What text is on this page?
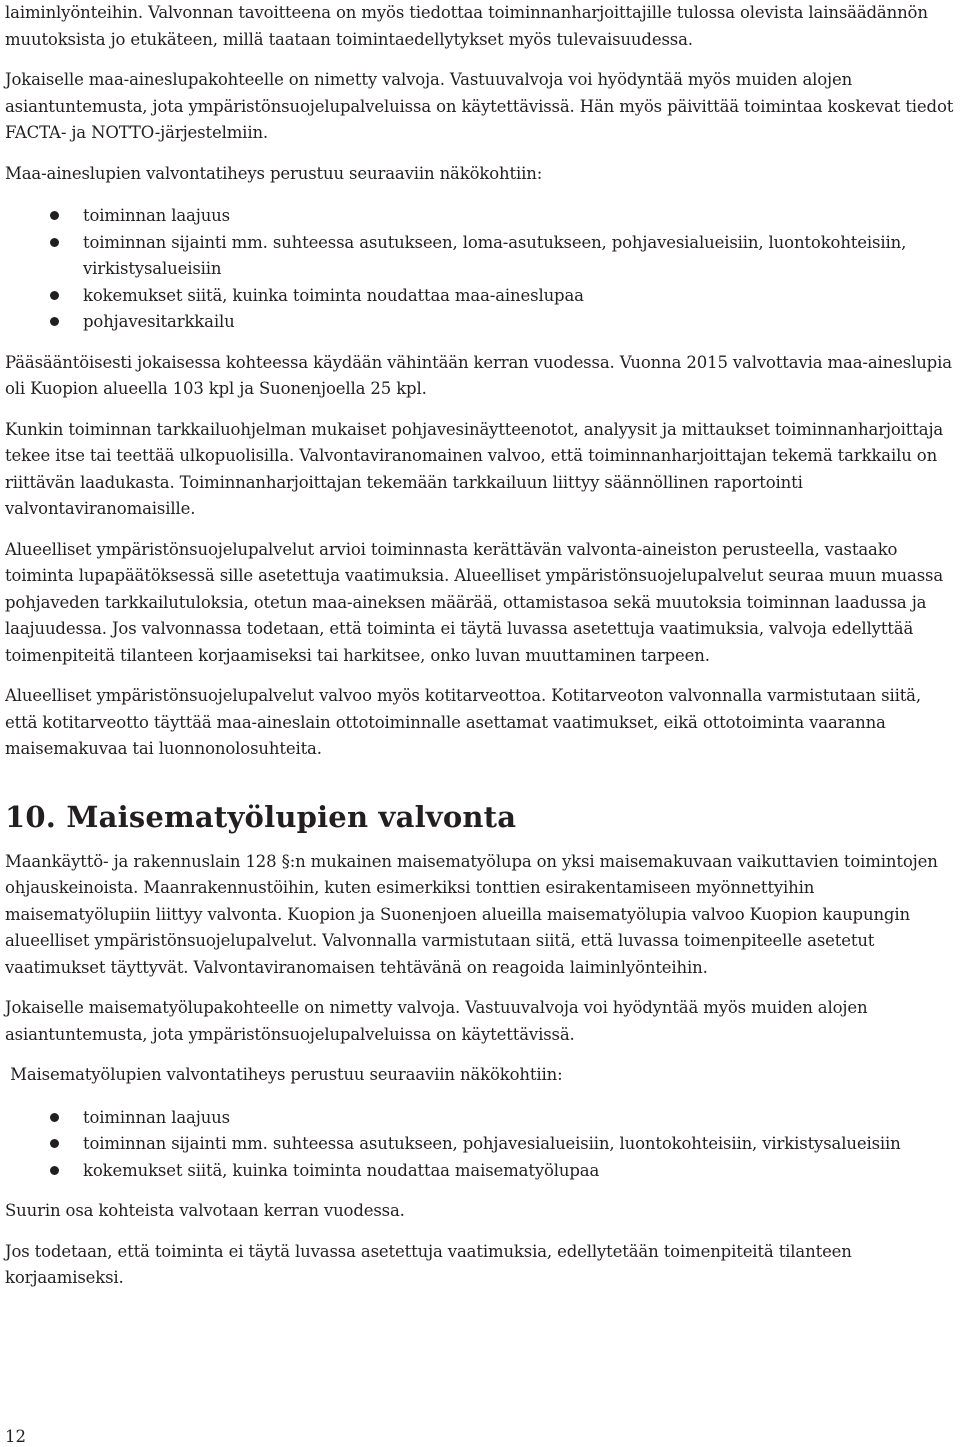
laiminlyönteihin. Valvonnan tavoitteena on myös tiedottaa toiminnanharjoittajille tulossa olevista lainsäädännön muutoksista jo etukäteen, millä taataan toimintaedellytykset myös tulevaisuudessa.

Jokaiselle maa-aineslupakohteelle on nimetty valvoja. Vastuuvalvoja voi hyödyntää myös muiden alojen asiantuntemusta, jota ympäristönsuojelupalveluissa on käytettävissä. Hän myös päivittää toimintaa koskevat tiedot FACTA- ja NOTTO-järjestelmiin.

Maa-aineslupien valvontatiheys perustuu seuraaviin näkökohtiin:

toiminnan laajuus
toiminnan sijainti mm. suhteessa asutukseen, loma-asutukseen, pohjavesialueisiin, luontokohteisiin, virkistysalueisiin
kokemukset siitä, kuinka toiminta noudattaa maa-aineslupaa
pohjavesitarkkailu

Pääsääntöisesti jokaisessa kohteessa käydään vähintään kerran vuodessa. Vuonna 2015 valvottavia maa-aineslupia oli Kuopion alueella 103 kpl ja Suonenjoella 25 kpl.

Kunkin toiminnan tarkkailuohjelman mukaiset pohjavesinäytteenotot, analyysit ja mittaukset toiminnanharjoittaja tekee itse tai teettää ulkopuolisilla. Valvontaviranomainen valvoo, että toiminnanharjoittajan tekemä tarkkailu on riittävän laadukasta. Toiminnanharjoittajan tekemään tarkkailuun liittyy säännöllinen raportointi valvontaviranomaisille.

Alueelliset ympäristönsuojelupalvelut arvioi toiminnasta kerättävän valvonta-aineiston perusteella, vastaako toiminta lupapäätöksessä sille asetettuja vaatimuksia. Alueelliset ympäristönsuojelupalvelut seuraa muun muassa pohjaveden tarkkailutuloksia, otetun maa-aineksen määrää, ottamistasoa sekä muutoksia toiminnan laadussa ja laajuudessa. Jos valvonnassa todetaan, että toiminta ei täytä luvassa asetettuja vaatimuksia, valvoja edellyttää toimenpiteitä tilanteen korjaamiseksi tai harkitsee, onko luvan muuttaminen tarpeen.

Alueelliset ympäristönsuojelupalvelut valvoo myös kotitarveottoa. Kotitarveoton valvonnalla varmistutaan siitä, että kotitarveotto täyttää maa-aineslain ottotoiminnalle asettamat vaatimukset, eikä ottotoiminta vaaranna maisemakuvaa tai luonnonolosuhteita.

10. Maisematyölupien valvonta

Maankäyttö- ja rakennuslain 128 §:n mukainen maisematyölupa on yksi maisemakuvaan vaikuttavien toimintojen ohjauskeinoista. Maanrakennustöihin, kuten esimerkiksi tonttien esirakentamiseen myönnettyihin maisematyölupiin liittyy valvonta. Kuopion ja Suonenjoen alueilla maisematyölupia valvoo Kuopion kaupungin alueelliset ympäristönsuojelupalvelut. Valvonnalla varmistutaan siitä, että luvassa toimenpiteelle asetetut vaatimukset täyttyvät. Valvontaviranomaisen tehtävänä on reagoida laiminlyönteihin.

Jokaiselle maisematyölupakohteelle on nimetty valvoja. Vastuuvalvoja voi hyödyntää myös muiden alojen asiantuntemusta, jota ympäristönsuojelupalveluissa on käytettävissä.

Maisematyölupien valvontatiheys perustuu seuraaviin näkökohtiin:

toiminnan laajuus
toiminnan sijainti mm. suhteessa asutukseen, pohjavesialueisiin, luontokohteisiin, virkistysalueisiin
kokemukset siitä, kuinka toiminta noudattaa maisematyölupaa

Suurin osa kohteista valvotaan kerran vuodessa.

Jos todetaan, että toiminta ei täytä luvassa asetettuja vaatimuksia, edellytetään toimenpiteitä tilanteen korjaamiseksi.

12
